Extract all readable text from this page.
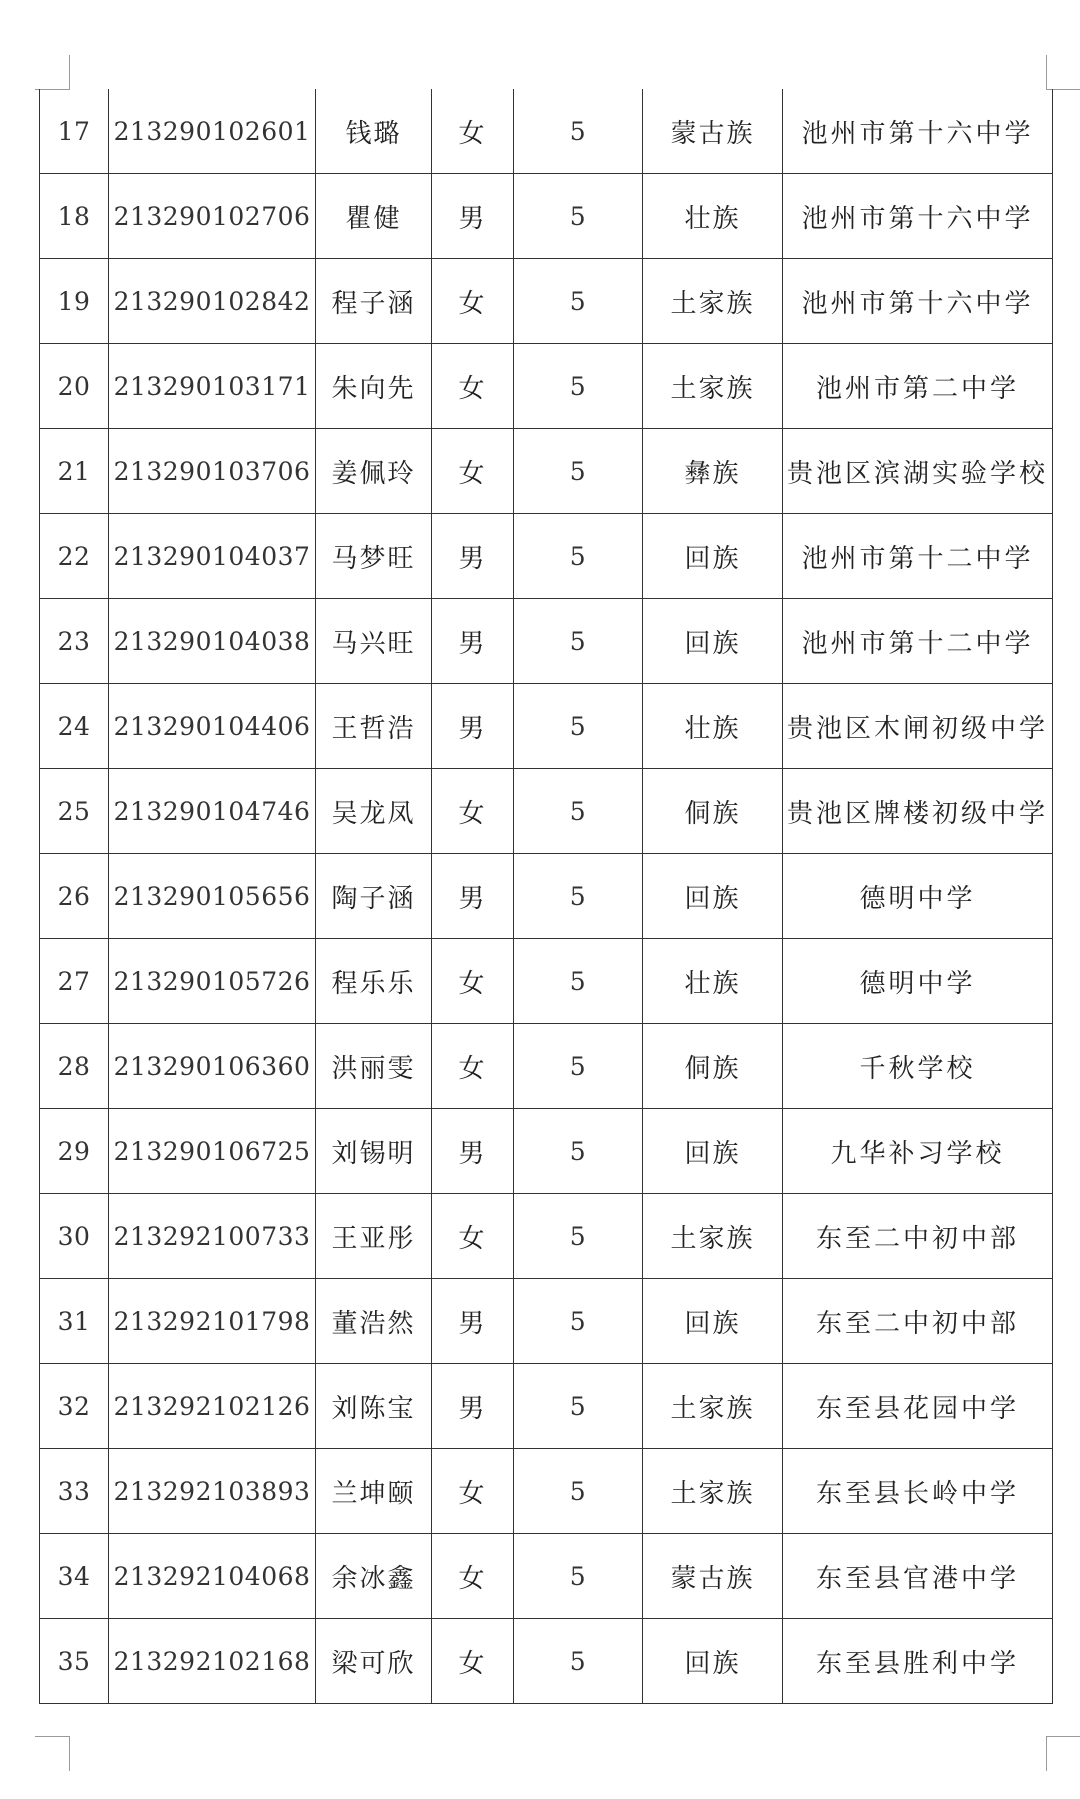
17	213290102601	钱璐	女	5	蒙古族	池州市第十六中学
18	213290102706	瞿健	男	5	壮族	池州市第十六中学
19	213290102842	程子涵	女	5	土家族	池州市第十六中学
20	213290103171	朱向先	女	5	土家族	池州市第二中学
21	213290103706	姜佩玲	女	5	彝族	贵池区滨湖实验学校
22	213290104037	马梦旺	男	5	回族	池州市第十二中学
23	213290104038	马兴旺	男	5	回族	池州市第十二中学
24	213290104406	王哲浩	男	5	壮族	贵池区木闸初级中学
25	213290104746	吴龙凤	女	5	侗族	贵池区牌楼初级中学
26	213290105656	陶子涵	男	5	回族	德明中学
27	213290105726	程乐乐	女	5	壮族	德明中学
28	213290106360	洪丽雯	女	5	侗族	千秋学校
29	213290106725	刘锡明	男	5	回族	九华补习学校
30	213292100733	王亚彤	女	5	土家族	东至二中初中部
31	213292101798	董浩然	男	5	回族	东至二中初中部
32	213292102126	刘陈宝	男	5	土家族	东至县花园中学
33	213292103893	兰坤颐	女	5	土家族	东至县长岭中学
34	213292104068	余冰鑫	女	5	蒙古族	东至县官港中学
35	213292102168	梁可欣	女	5	回族	东至县胜利中学
